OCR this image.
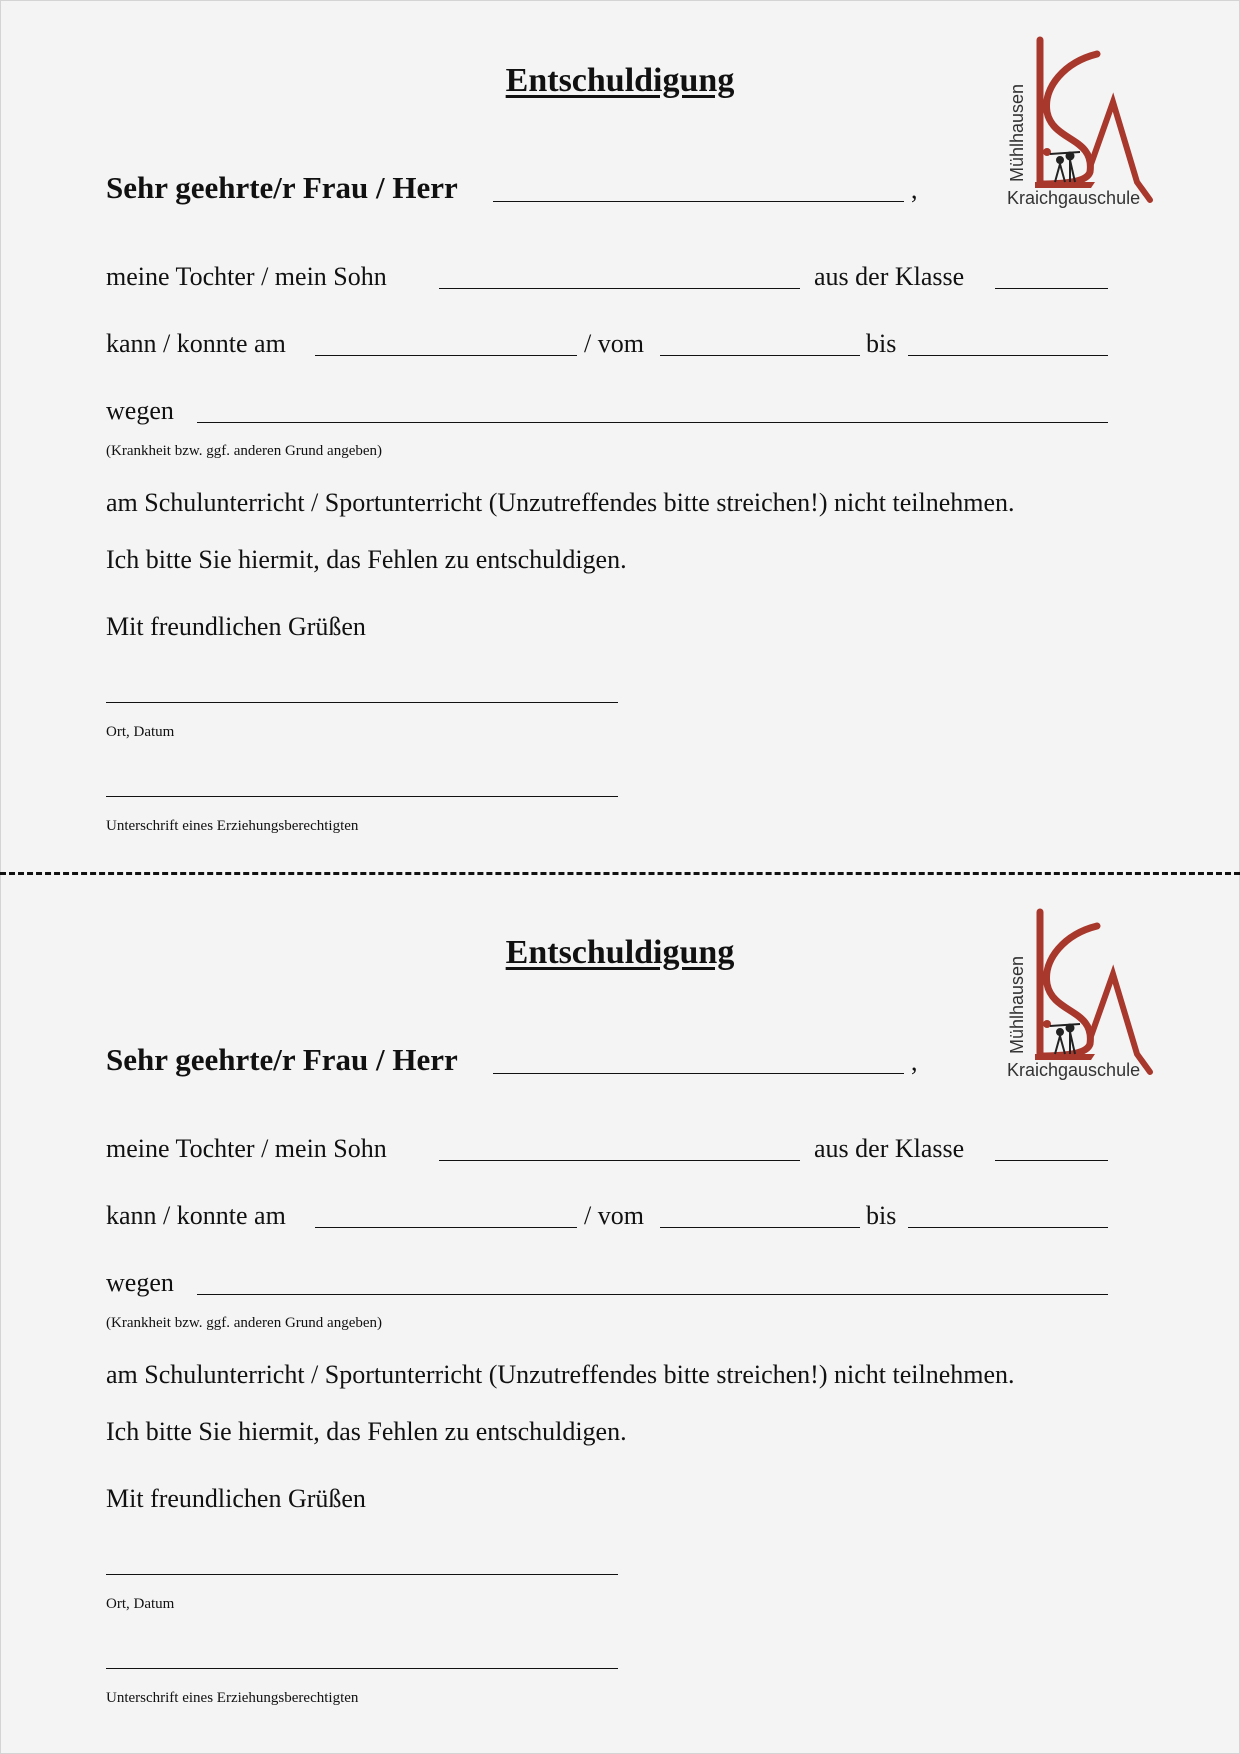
Entschuldigung
Mühlhausen
Kraichgauschule
Sehr geehrte/r Frau / Herr	,
meine Tochter / mein Sohn	aus der Klasse
kann / konnte am	/ vom	bis
wegen
(Krankheit bzw. ggf. anderen Grund angeben)
am Schulunterricht / Sportunterricht (Unzutreffendes bitte streichen!) nicht teilnehmen.
Ich bitte Sie hiermit, das Fehlen zu entschuldigen.
Mit freundlichen Grüßen
Ort, Datum
Unterschrift eines Erziehungsberechtigten
Entschuldigung
Mühlhausen
Kraichgauschule
Sehr geehrte/r Frau / Herr	,
meine Tochter / mein Sohn	aus der Klasse
kann / konnte am	/ vom	bis
wegen
(Krankheit bzw. ggf. anderen Grund angeben)
am Schulunterricht / Sportunterricht (Unzutreffendes bitte streichen!) nicht teilnehmen.
Ich bitte Sie hiermit, das Fehlen zu entschuldigen.
Mit freundlichen Grüßen
Ort, Datum
Unterschrift eines Erziehungsberechtigten
